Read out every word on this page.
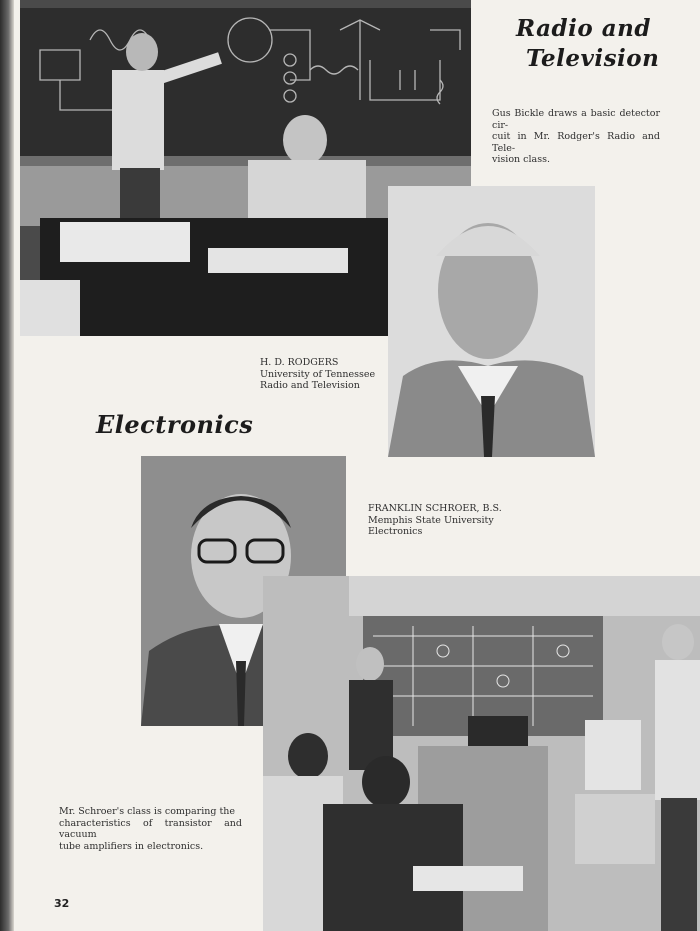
Radio and
Television
Gus Bickle draws a basic detector cir-
cuit in Mr. Rodger's Radio and Tele-
vision class.
H. D. RODGERS
University of Tennessee
Radio and Television
Electronics
FRANKLIN SCHROER, B.S.
Memphis State University
Electronics
Mr. Schroer's class is comparing the
characteristics of transistor and vacuum
tube amplifiers in electronics.
32
